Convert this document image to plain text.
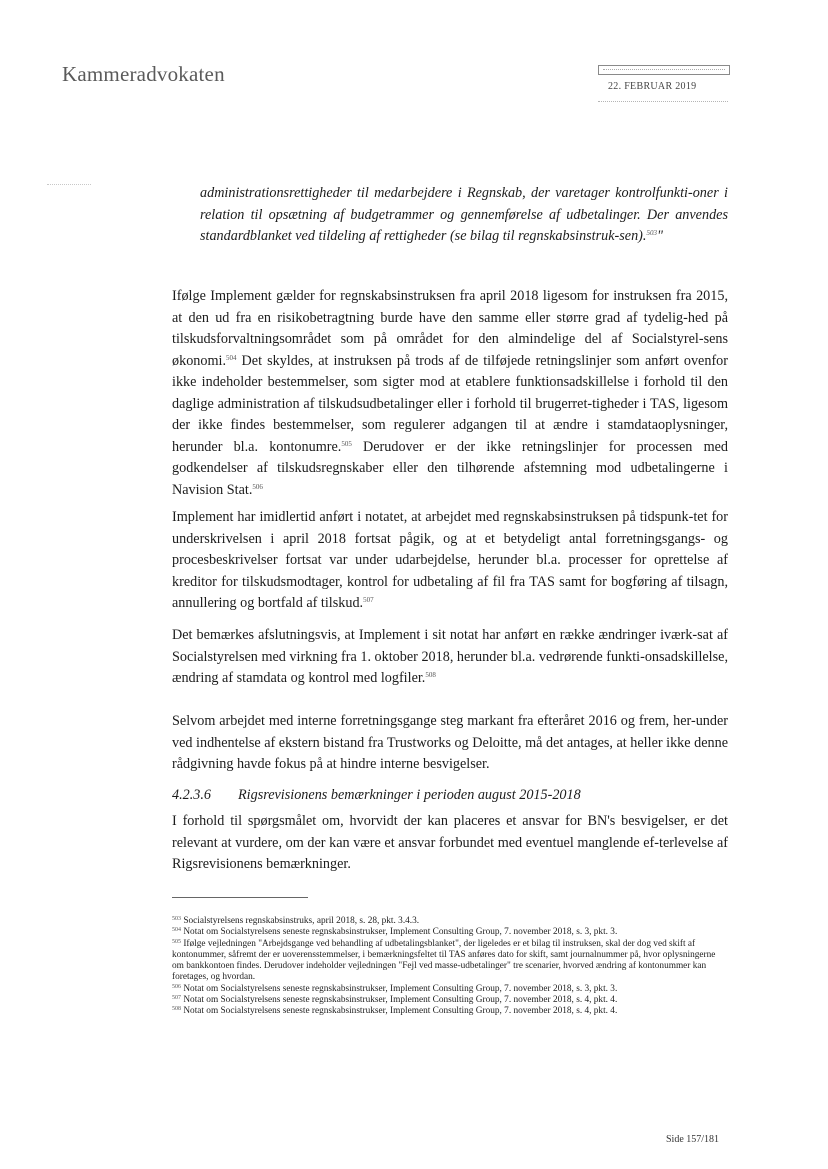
Kammeradvokaten
22. FEBRUAR 2019
administrationsrettigheder til medarbejdere i Regnskab, der varetager kontrolfunkti-oner i relation til opsætning af budgetrammer og gennemførelse af udbetalinger. Der anvendes standardblanket ved tildeling af rettigheder (se bilag til regnskabsinstruk-sen).$^{503}$"
Ifølge Implement gælder for regnskabsinstruksen fra april 2018 ligesom for instruksen fra 2015, at den ud fra en risikobetragtning burde have den samme eller større grad af tydelig-hed på tilskudsforvaltningsområdet som på området for den almindelige del af Socialstyrel-sens økonomi.$^{504}$ Det skyldes, at instruksen på trods af de tilføjede retningslinjer som anført ovenfor ikke indeholder bestemmelser, som sigter mod at etablere funktionsadskillelse i forhold til den daglige administration af tilskudsudbetalinger eller i forhold til brugerret-tigheder i TAS, ligesom der ikke findes bestemmelser, som regulerer adgangen til at ændre i stamdataoplysninger, herunder bl.a. kontonumre.$^{505}$ Derudover er der ikke retningslinjer for processen med godkendelser af tilskudsregnskaber eller den tilhørende afstemning mod udbetalingerne i Navision Stat.$^{506}$
Implement har imidlertid anført i notatet, at arbejdet med regnskabsinstruksen på tidspunk-tet for underskrivelsen i april 2018 fortsat pågik, og at et betydeligt antal forretningsgangs- og procesbeskrivelser fortsat var under udarbejdelse, herunder bl.a. processer for oprettelse af kreditor for tilskudsmodtager, kontrol for udbetaling af fil fra TAS samt for bogføring af tilsagn, annullering og bortfald af tilskud.$^{507}$
Det bemærkes afslutningsvis, at Implement i sit notat har anført en række ændringer iværk-sat af Socialstyrelsen med virkning fra 1. oktober 2018, herunder bl.a. vedrørende funkti-onsadskillelse, ændring af stamdata og kontrol med logfiler.$^{508}$
Selvom arbejdet med interne forretningsgange steg markant fra efteråret 2016 og frem, her-under ved indhentelse af ekstern bistand fra Trustworks og Deloitte, må det antages, at heller ikke denne rådgivning havde fokus på at hindre interne besvigelser.
4.2.3.6 Rigsrevisionens bemærkninger i perioden august 2015-2018
I forhold til spørgsmålet om, hvorvidt der kan placeres et ansvar for BN's besvigelser, er det relevant at vurdere, om der kan være et ansvar forbundet med eventuel manglende ef-terlevelse af Rigsrevisionens bemærkninger.

$^{503}$ Socialstyrelsens regnskabsinstruks, april 2018, s. 28, pkt. 3.4.3.

$^{504}$ Notat om Socialstyrelsens seneste regnskabsinstrukser, Implement Consulting Group, 7. november 2018, s. 3, pkt. 3.

$^{505}$ Ifølge vejledningen "Arbejdsgange ved behandling af udbetalingsblanket", der ligeledes er et bilag til instruksen, skal der dog ved skift af kontonummer, såfremt der er uoverensstemmelser, i bemærkningsfeltet til TAS anføres dato for skift, samt journalnummer på, hvor oplysningerne om bankkontoen findes. Derudover indeholder vejledningen "Fejl ved masse-udbetalinger" tre scenarier, hvorved ændring af kontonummer kan foretages, og hvordan.

$^{506}$ Notat om Socialstyrelsens seneste regnskabsinstrukser, Implement Consulting Group, 7. november 2018, s. 3, pkt. 3.

$^{507}$ Notat om Socialstyrelsens seneste regnskabsinstrukser, Implement Consulting Group, 7. november 2018, s. 4, pkt. 4.

$^{508}$ Notat om Socialstyrelsens seneste regnskabsinstrukser, Implement Consulting Group, 7. november 2018, s. 4, pkt. 4.

Side 157/181
